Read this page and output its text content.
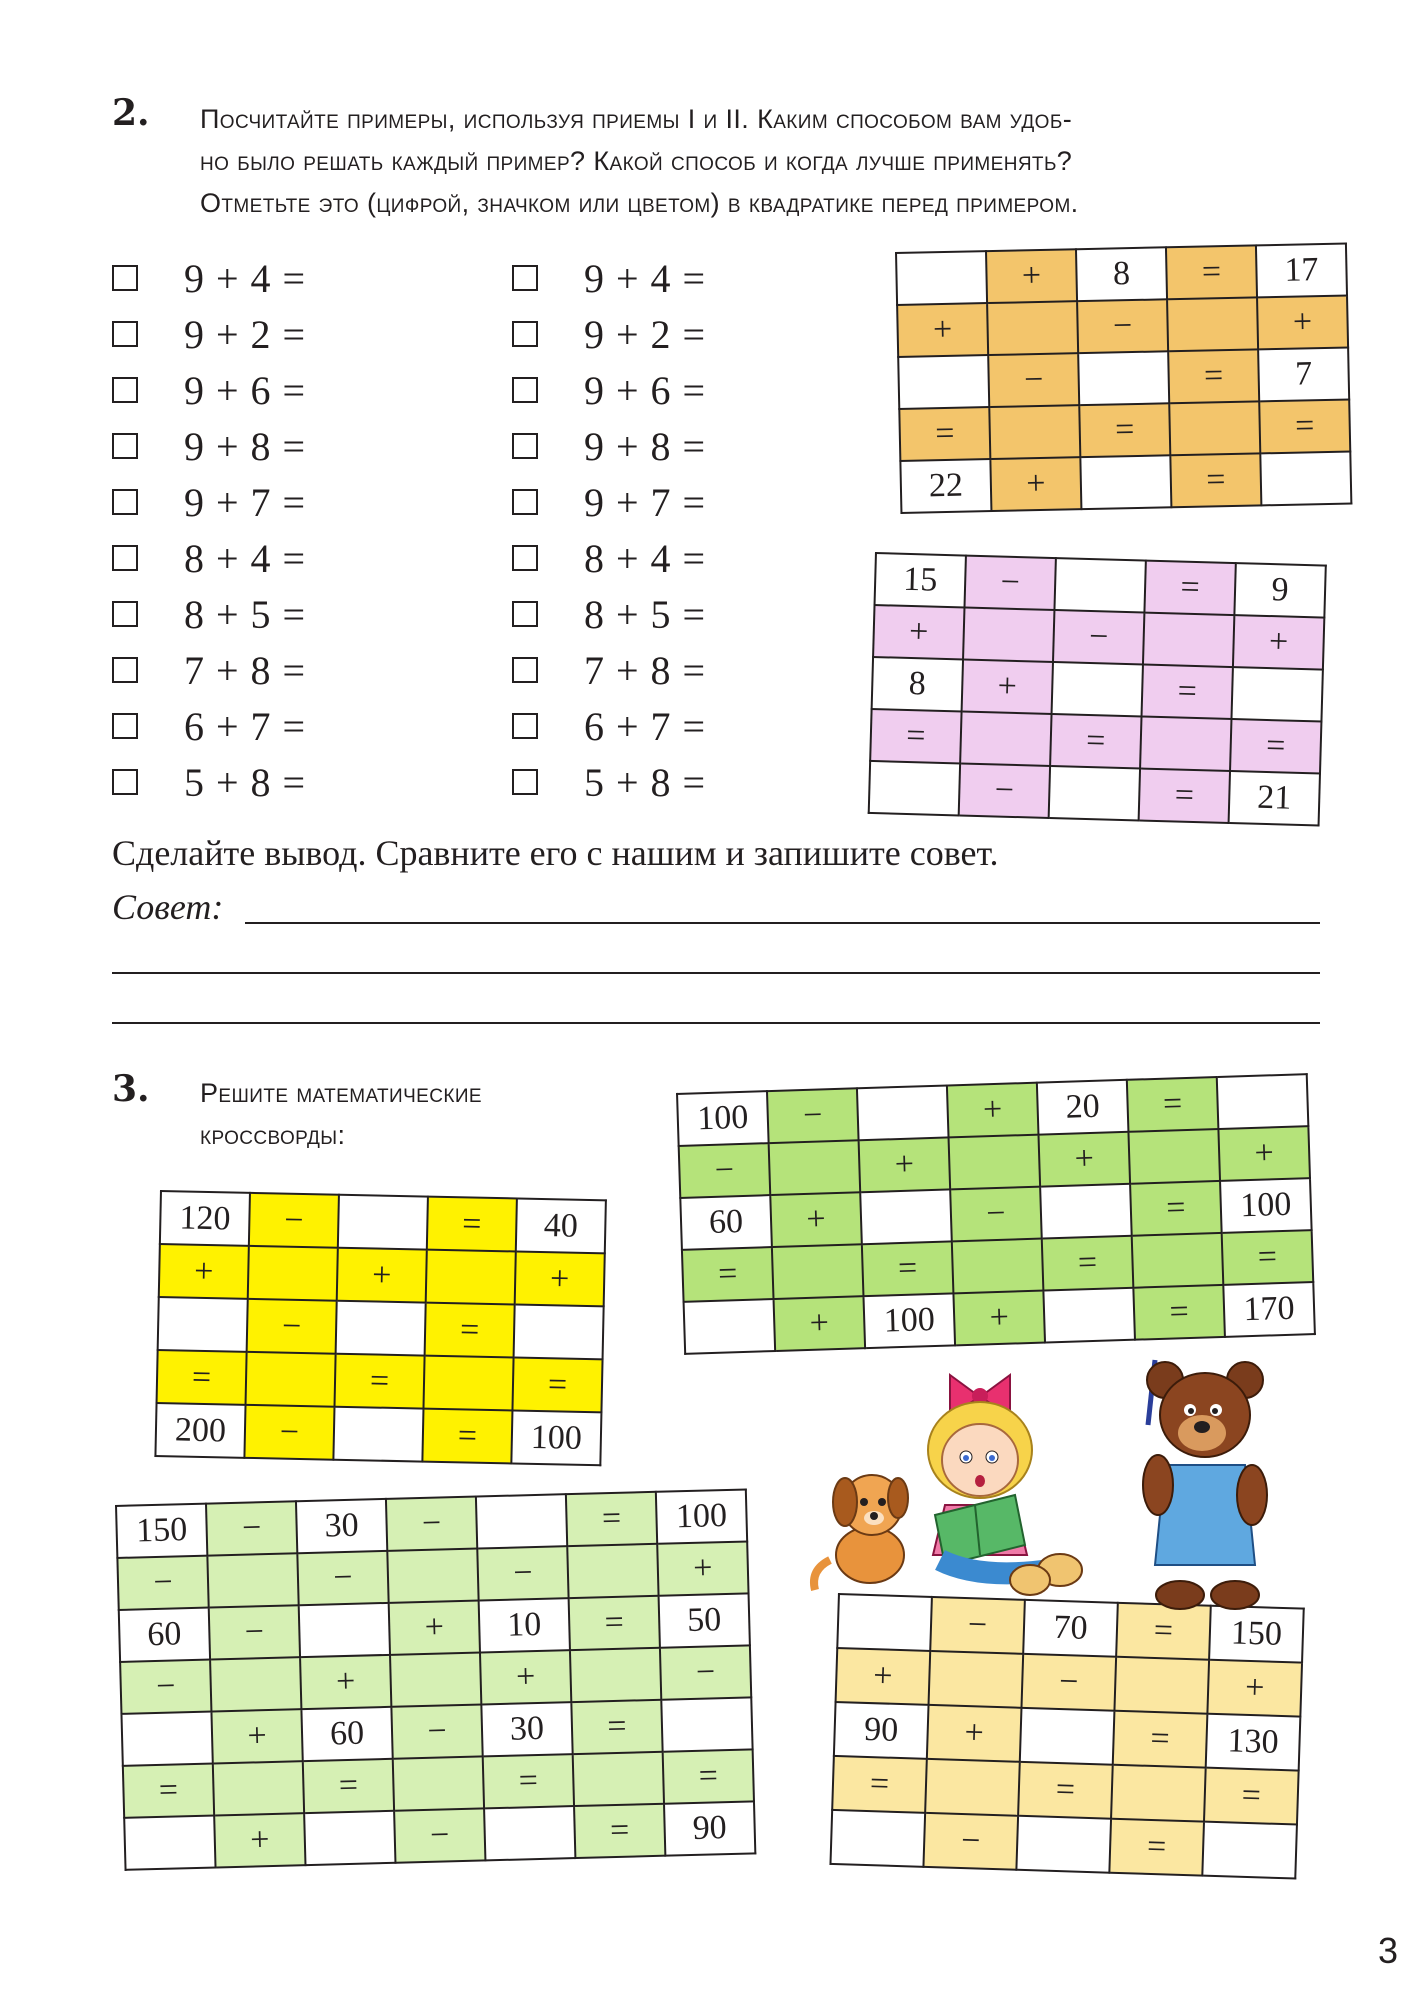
2. Посчитайте примеры, используя приемы I и II. Каким способом вам удоб-
но было решать каждый пример? Какой способ и когда лучше применять?
Отметьте это (цифрой, значком или цветом) в квадратике перед примером.
9 + 4 =
9 + 2 =
9 + 6 =
9 + 8 =
9 + 7 =
8 + 4 =
8 + 5 =
7 + 8 =
6 + 7 =
5 + 8 =
9 + 4 =
9 + 2 =
9 + 6 =
9 + 8 =
9 + 7 =
8 + 4 =
8 + 5 =
7 + 8 =
6 + 7 =
5 + 8 =
	+	8	=	17
+		−		+
	−		=	7
=		=		=
22	+		=	
15	−		=	9
+		−		+
8	+		=	
=		=		=
	−		=	21
100	−		+	20	=	
−		+		+		+
60	+		−		=	100
=		=		=		=
	+	100	+		=	170
120	−		=	40
+		+		+
	−		=	
=		=		=
200	−		=	100
150	−	30	−		=	100
−		−		−		+
60	−		+	10	=	50
−		+		+		−
	+	60	−	30	=	
=		=		=		=
	+		−		=	90
	−	70	=	150
+		−		+
90	+		=	130
=		=		=
	−		=	
Сделайте вывод. Сравните его с нашим и запишите совет.
Совет:
3. Решите математические
кроссворды:
3
